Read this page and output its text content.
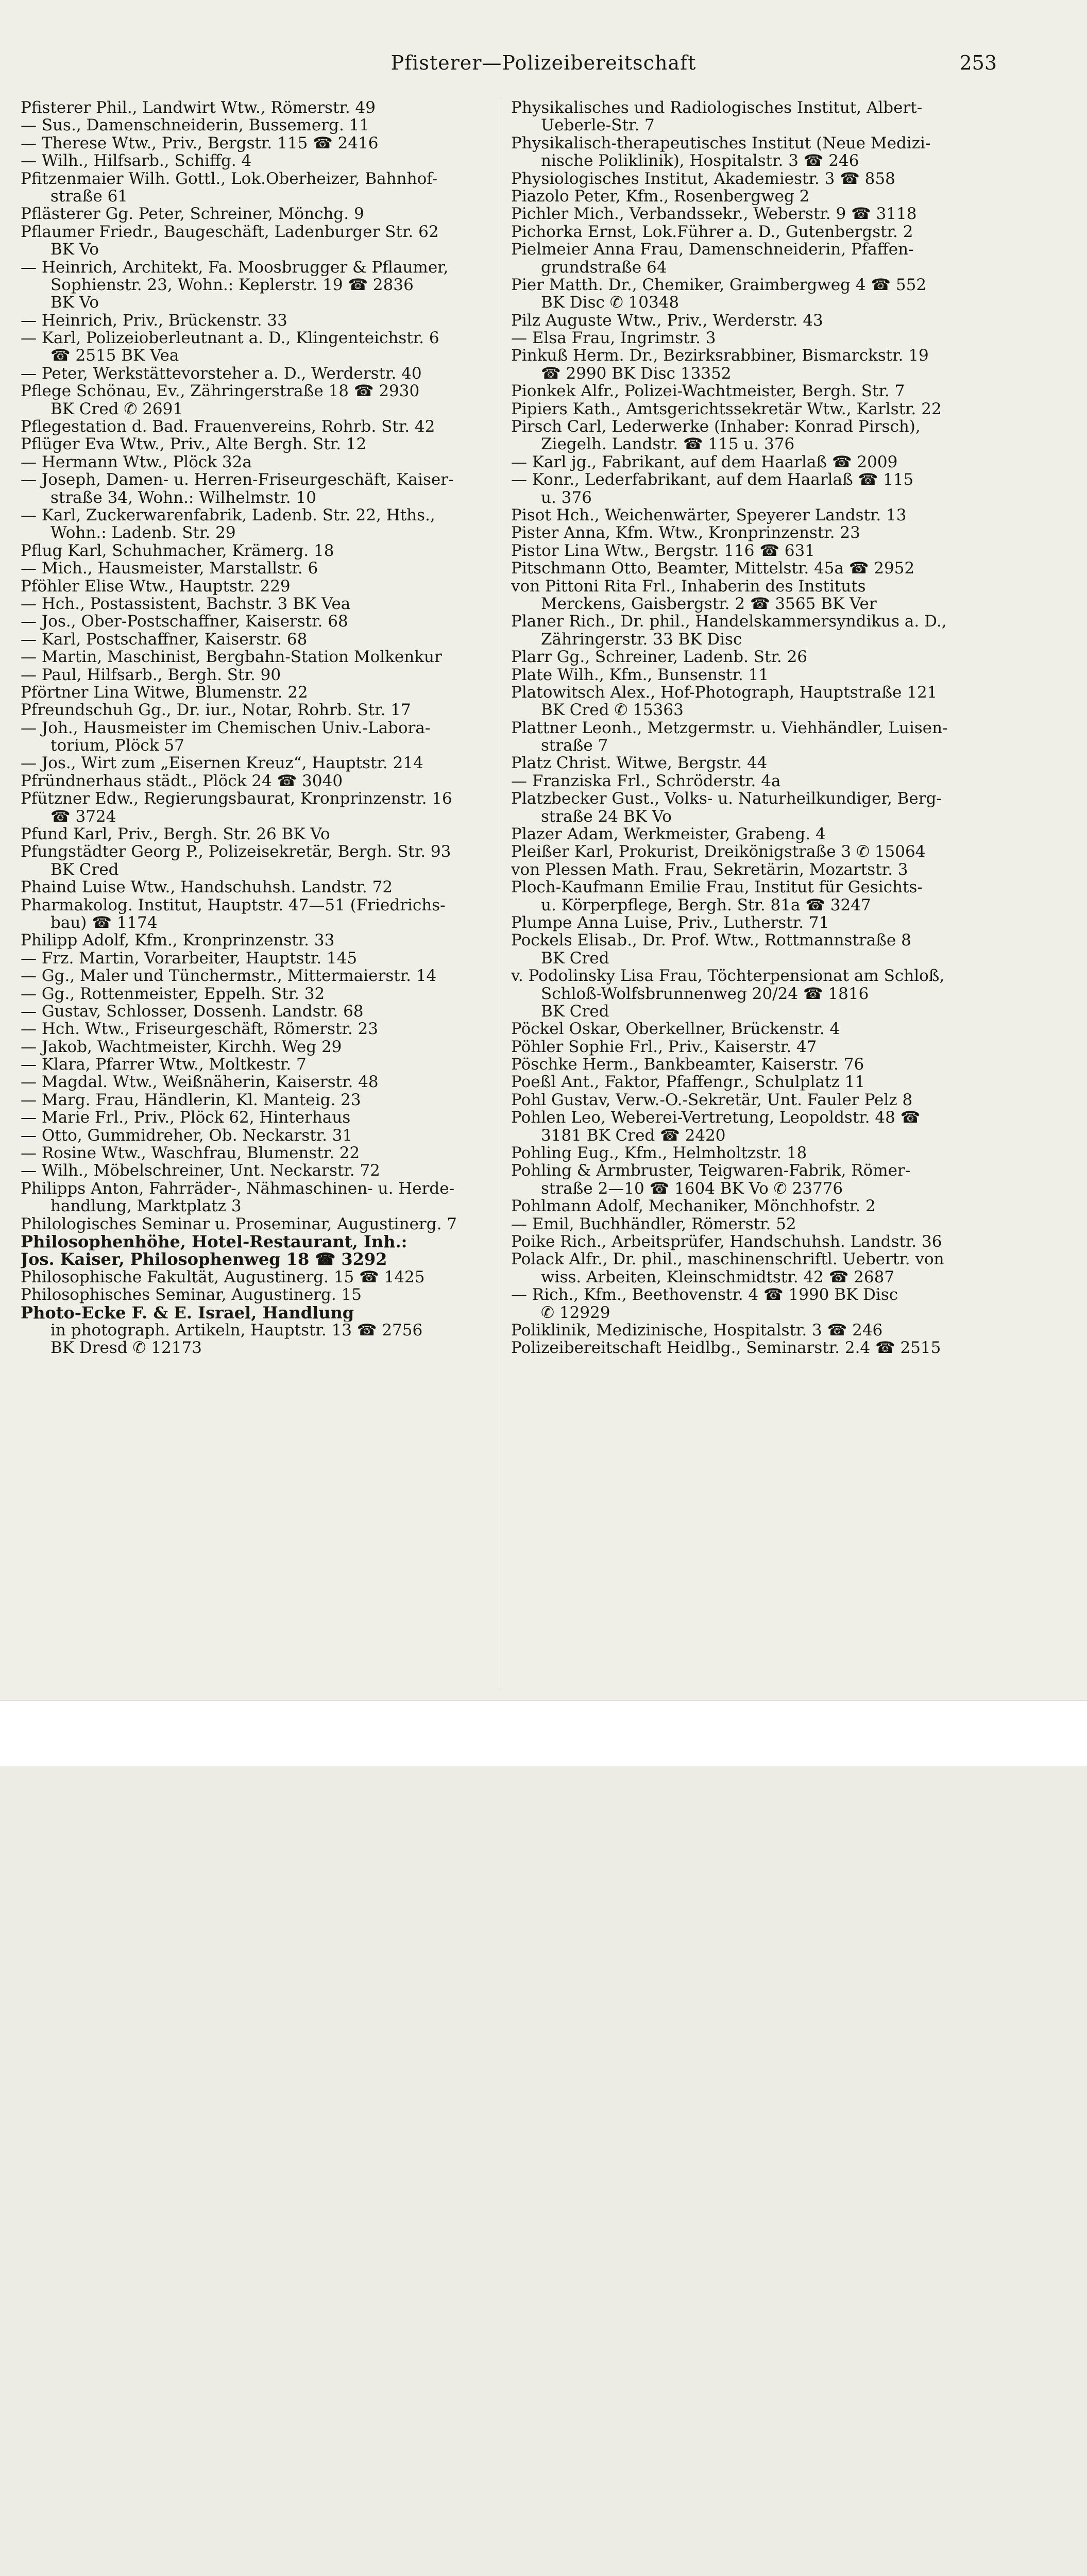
Pfisterer—Polizeibereitschaft	253
Pfisterer Phil., Landwirt Wtw., Römerstr. 49
— Sus., Damenschneiderin, Bussemerg. 11
— Therese Wtw., Priv., Bergstr. 115 ☎ 2416
— Wilh., Hilfsarb., Schiffg. 4
Pfitzenmaier Wilh. Gottl., Lok.Oberheizer, Bahnhof-
straße 61
Pflästerer Gg. Peter, Schreiner, Mönchg. 9
Pflaumer Friedr., Baugeschäft, Ladenburger Str. 62
BK Vo
— Heinrich, Architekt, Fa. Moosbrugger & Pflaumer,
Sophienstr. 23, Wohn.: Keplerstr. 19 ☎ 2836
BK Vo
— Heinrich, Priv., Brückenstr. 33
— Karl, Polizeioberleutnant a. D., Klingenteichstr. 6
☎ 2515 BK Vea
— Peter, Werkstättevorsteher a. D., Werderstr. 40
Pflege Schönau, Ev., Zähringerstraße 18 ☎ 2930
BK Cred ✆ 2691
Pflegestation d. Bad. Frauenvereins, Rohrb. Str. 42
Pflüger Eva Wtw., Priv., Alte Bergh. Str. 12
— Hermann Wtw., Plöck 32a
— Joseph, Damen- u. Herren-Friseurgeschäft, Kaiser-
straße 34, Wohn.: Wilhelmstr. 10
— Karl, Zuckerwarenfabrik, Ladenb. Str. 22, Hths.,
Wohn.: Ladenb. Str. 29
Pflug Karl, Schuhmacher, Krämerg. 18
— Mich., Hausmeister, Marstallstr. 6
Pföhler Elise Wtw., Hauptstr. 229
— Hch., Postassistent, Bachstr. 3 BK Vea
— Jos., Ober-Postschaffner, Kaiserstr. 68
— Karl, Postschaffner, Kaiserstr. 68
— Martin, Maschinist, Bergbahn-Station Molkenkur
— Paul, Hilfsarb., Bergh. Str. 90
Pförtner Lina Witwe, Blumenstr. 22
Pfreundschuh Gg., Dr. iur., Notar, Rohrb. Str. 17
— Joh., Hausmeister im Chemischen Univ.-Labora-
torium, Plöck 57
— Jos., Wirt zum „Eisernen Kreuz“, Hauptstr. 214
Pfründnerhaus städt., Plöck 24 ☎ 3040
Pfützner Edw., Regierungsbaurat, Kronprinzenstr. 16
☎ 3724
Pfund Karl, Priv., Bergh. Str. 26 BK Vo
Pfungstädter Georg P., Polizeisekretär, Bergh. Str. 93
BK Cred
Phaind Luise Wtw., Handschuhsh. Landstr. 72
Pharmakolog. Institut, Hauptstr. 47—51 (Friedrichs-
bau) ☎ 1174
Philipp Adolf, Kfm., Kronprinzenstr. 33
— Frz. Martin, Vorarbeiter, Hauptstr. 145
— Gg., Maler und Tünchermstr., Mittermaierstr. 14
— Gg., Rottenmeister, Eppelh. Str. 32
— Gustav, Schlosser, Dossenh. Landstr. 68
— Hch. Wtw., Friseurgeschäft, Römerstr. 23
— Jakob, Wachtmeister, Kirchh. Weg 29
— Klara, Pfarrer Wtw., Moltkestr. 7
— Magdal. Wtw., Weißnäherin, Kaiserstr. 48
— Marg. Frau, Händlerin, Kl. Manteig. 23
— Marie Frl., Priv., Plöck 62, Hinterhaus
— Otto, Gummidreher, Ob. Neckarstr. 31
— Rosine Wtw., Waschfrau, Blumenstr. 22
— Wilh., Möbelschreiner, Unt. Neckarstr. 72
Philipps Anton, Fahrräder-, Nähmaschinen- u. Herde-
handlung, Marktplatz 3
Philologisches Seminar u. Proseminar, Augustinerg. 7
Philosophenhöhe, Hotel-Restaurant, Inh.:
Jos. Kaiser, Philosophenweg 18 ☎ 3292
Philosophische Fakultät, Augustinerg. 15 ☎ 1425
Philosophisches Seminar, Augustinerg. 15
Photo-Ecke F. & E. Israel, Handlung
in photograph. Artikeln, Hauptstr. 13 ☎ 2756
BK Dresd ✆ 12173
Physikalisches und Radiologisches Institut, Albert-
Ueberle-Str. 7
Physikalisch-therapeutisches Institut (Neue Medizi-
nische Poliklinik), Hospitalstr. 3 ☎ 246
Physiologisches Institut, Akademiestr. 3 ☎ 858
Piazolo Peter, Kfm., Rosenbergweg 2
Pichler Mich., Verbandssekr., Weberstr. 9 ☎ 3118
Pichorka Ernst, Lok.Führer a. D., Gutenbergstr. 2
Pielmeier Anna Frau, Damenschneiderin, Pfaffen-
grundstraße 64
Pier Matth. Dr., Chemiker, Graimbergweg 4 ☎ 552
BK Disc ✆ 10348
Pilz Auguste Wtw., Priv., Werderstr. 43
— Elsa Frau, Ingrimstr. 3
Pinkuß Herm. Dr., Bezirksrabbiner, Bismarckstr. 19
☎ 2990 BK Disc 13352
Pionkek Alfr., Polizei-Wachtmeister, Bergh. Str. 7
Pipiers Kath., Amtsgerichtssekretär Wtw., Karlstr. 22
Pirsch Carl, Lederwerke (Inhaber: Konrad Pirsch),
Ziegelh. Landstr. ☎ 115 u. 376
— Karl jg., Fabrikant, auf dem Haarlaß ☎ 2009
— Konr., Lederfabrikant, auf dem Haarlaß ☎ 115
u. 376
Pisot Hch., Weichenwärter, Speyerer Landstr. 13
Pister Anna, Kfm. Wtw., Kronprinzenstr. 23
Pistor Lina Wtw., Bergstr. 116 ☎ 631
Pitschmann Otto, Beamter, Mittelstr. 45a ☎ 2952
von Pittoni Rita Frl., Inhaberin des Instituts
Merckens, Gaisbergstr. 2 ☎ 3565 BK Ver
Planer Rich., Dr. phil., Handelskammersyndikus a. D.,
Zähringerstr. 33 BK Disc
Plarr Gg., Schreiner, Ladenb. Str. 26
Plate Wilh., Kfm., Bunsenstr. 11
Platowitsch Alex., Hof-Photograph, Hauptstraße 121
BK Cred ✆ 15363
Plattner Leonh., Metzgermstr. u. Viehhändler, Luisen-
straße 7
Platz Christ. Witwe, Bergstr. 44
— Franziska Frl., Schröderstr. 4a
Platzbecker Gust., Volks- u. Naturheilkundiger, Berg-
straße 24 BK Vo
Plazer Adam, Werkmeister, Grabeng. 4
Pleißer Karl, Prokurist, Dreikönigstraße 3 ✆ 15064
von Plessen Math. Frau, Sekretärin, Mozartstr. 3
Ploch-Kaufmann Emilie Frau, Institut für Gesichts-
u. Körperpflege, Bergh. Str. 81a ☎ 3247
Plumpe Anna Luise, Priv., Lutherstr. 71
Pockels Elisab., Dr. Prof. Wtw., Rottmannstraße 8
BK Cred
v. Podolinsky Lisa Frau, Töchterpensionat am Schloß,
Schloß-Wolfsbrunnenweg 20/24 ☎ 1816
BK Cred
Pöckel Oskar, Oberkellner, Brückenstr. 4
Pöhler Sophie Frl., Priv., Kaiserstr. 47
Pöschke Herm., Bankbeamter, Kaiserstr. 76
Poeßl Ant., Faktor, Pfaffengr., Schulplatz 11
Pohl Gustav, Verw.-O.-Sekretär, Unt. Fauler Pelz 8
Pohlen Leo, Weberei-Vertretung, Leopoldstr. 48 ☎
3181 BK Cred ☎ 2420
Pohling Eug., Kfm., Helmholtzstr. 18
Pohling & Armbruster, Teigwaren-Fabrik, Römer-
straße 2—10 ☎ 1604 BK Vo ✆ 23776
Pohlmann Adolf, Mechaniker, Mönchhofstr. 2
— Emil, Buchhändler, Römerstr. 52
Poike Rich., Arbeitsprüfer, Handschuhsh. Landstr. 36
Polack Alfr., Dr. phil., maschinenschriftl. Uebertr. von
wiss. Arbeiten, Kleinschmidtstr. 42 ☎ 2687
— Rich., Kfm., Beethovenstr. 4 ☎ 1990 BK Disc
✆ 12929
Poliklinik, Medizinische, Hospitalstr. 3 ☎ 246
Polizeibereitschaft Heidlbg., Seminarstr. 2.4 ☎ 2515
